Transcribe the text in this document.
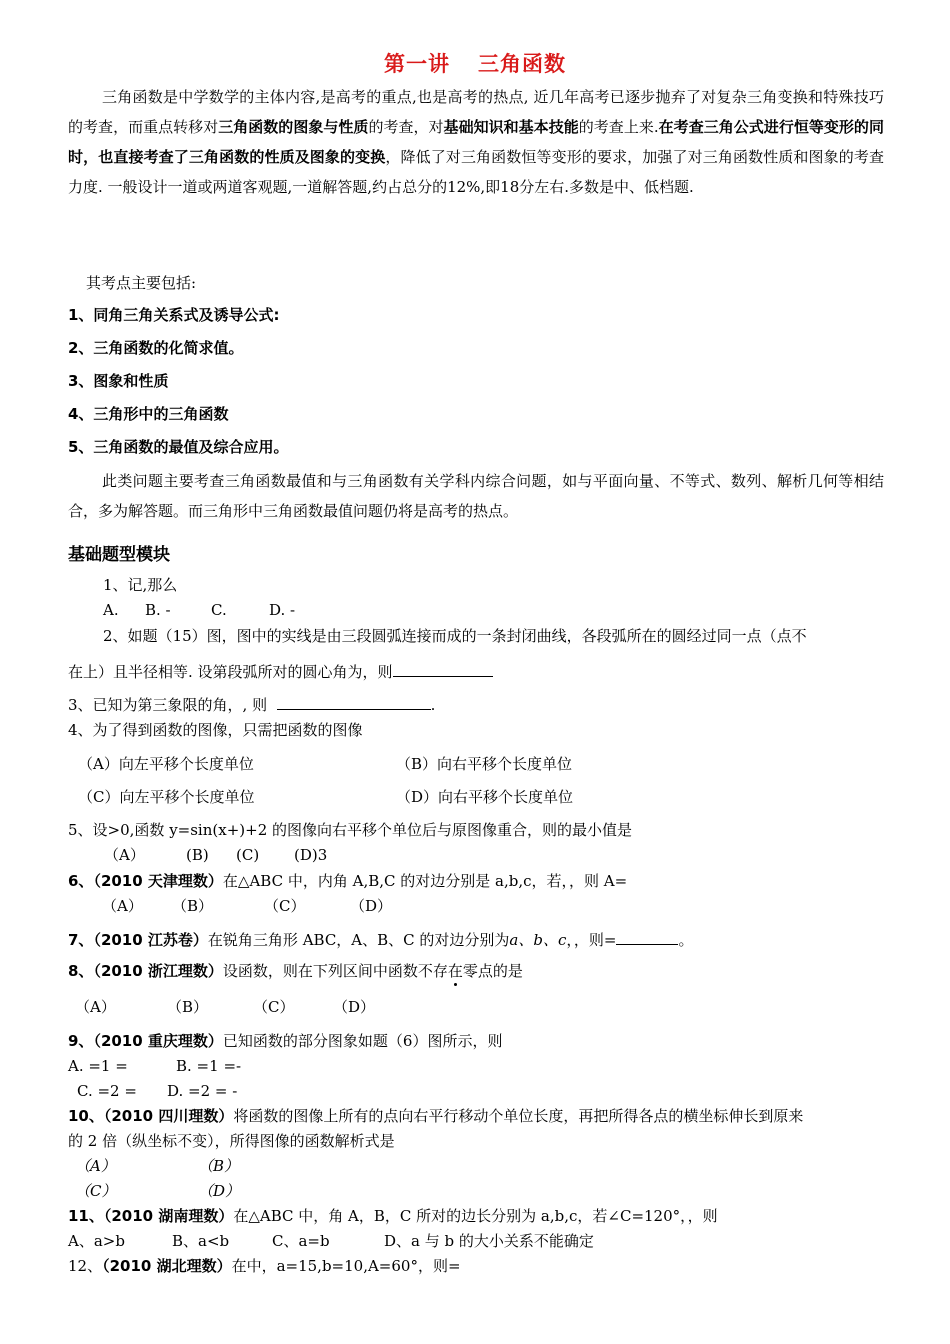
第一讲 三角函数
三角函数是中学数学的主体内容,是高考的重点,也是高考的热点, 近几年高考已逐步抛弃了对复杂三角变换和特殊技巧的考查，而重点转移对三角函数的图象与性质的考查，对基础知识和基本技能的考查上来.在考查三角公式进行恒等变形的同时，也直接考查了三角函数的性质及图象的变换，降低了对三角函数恒等变形的要求，加强了对三角函数性质和图象的考查力度. 一般设计一道或两道客观题,一道解答题,约占总分的12%,即18分左右.多数是中、低档题.
其考点主要包括:
1、同角三角关系式及诱导公式:
2、三角函数的化简求值。
3、图象和性质
4、三角形中的三角函数
5、三角函数的最值及综合应用。
此类问题主要考查三角函数最值和与三角函数有关学科内综合问题，如与平面向量、不等式、数列、解析几何等相结合，多为解答题。而三角形中三角函数最值问题仍将是高考的热点。
基础题型模块
1、记,那么
A. B. -	C.	D. -
2、如题（15）图，图中的实线是由三段圆弧连接而成的一条封闭曲线，各段弧所在的圆经过同一点（点不
在上）且半径相等. 设第段弧所对的圆心角为，则
3、已知为第三象限的角，, 则	.
4、为了得到函数的图像，只需把函数的图像
（A）向左平移个长度单位	（B）向右平移个长度单位
（C）向左平移个长度单位	（D）向右平移个长度单位
5、设>0,函数 y=sin(x+)+2 的图像向右平移个单位后与原图像重合，则的最小值是
（A）	(B) (C) (D)3
6、（2010 天津理数）在△ABC 中，内角 A,B,C 的对边分别是 a,b,c，若，，则 A=
（A） （B）	（C）	（D）
7、（2010 江苏卷）在锐角三角形 ABC，A、B、C 的对边分别为a、b、c，，则=	。
8、（2010 浙江理数）设函数，则在下列区间中函数不存在零点的是
（A）	（B）	（C）	（D）
9、（2010 重庆理数）已知函数的部分图象如题（6）图所示，则
A. =1 =	B. =1 =-
C. =2 = D. =2 = -
10、（2010 四川理数）将函数的图像上所有的点向右平行移动个单位长度，再把所得各点的横坐标伸长到原来
的 2 倍（纵坐标不变），所得图像的函数解析式是
（A）	（B）
（C）	（D）
11、（2010 湖南理数）在△ABC 中，角 A，B，C 所对的边长分别为 a,b,c，若∠C=120°，，则
A、a>b	B、a<b	C、a=b	D、a 与 b 的大小关系不能确定
12、（2010 湖北理数）在中，a=15,b=10,A=60°，则=
